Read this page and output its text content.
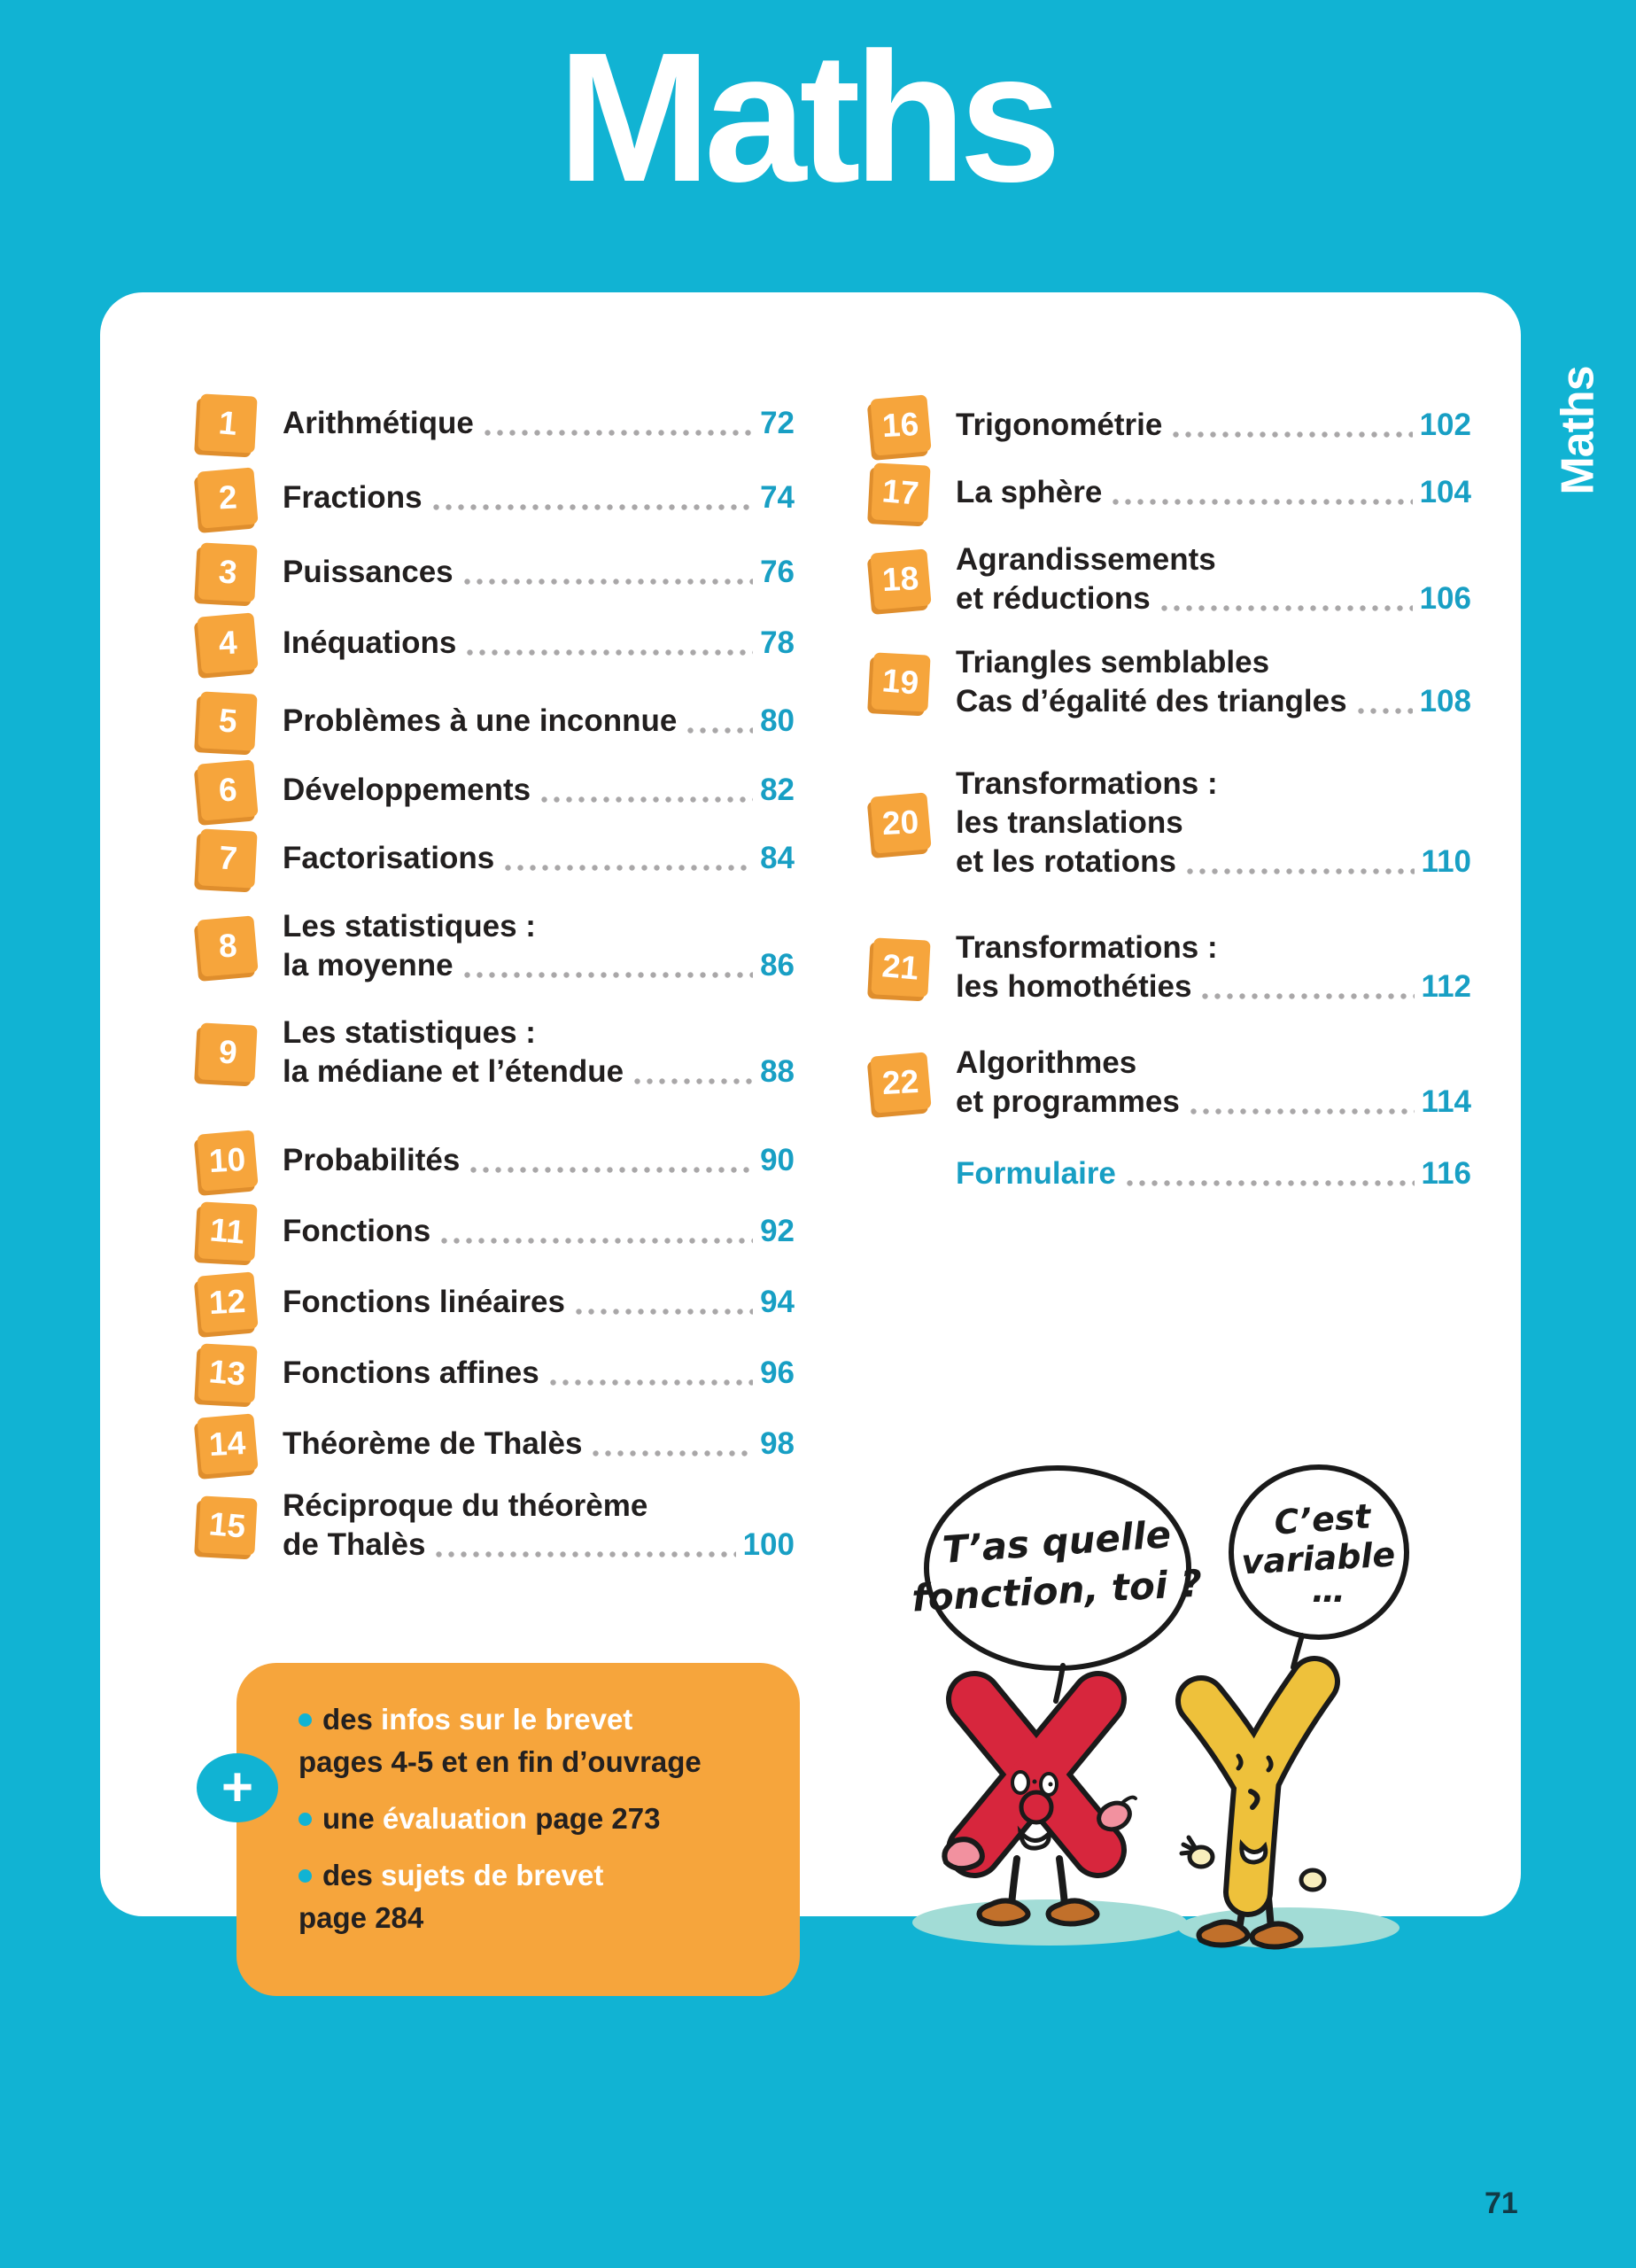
Maths
Maths
1 Arithmétique	72
2 Fractions	74
3 Puissances	76
4 Inéquations	78
5 Problèmes à une inconnue	80
6 Développements	82
7 Factorisations	84
8
Les statistiques :
la moyenne	86
9
Les statistiques :
la médiane et l’étendue	88
10 Probabilités	90
11 Fonctions	92
12 Fonctions linéaires	94
13 Fonctions affines	96
14 Théorème de Thalès	98
15 Réciproque du théorème
de Thalès	100
16 Trigonométrie	102
17 La sphère	104
18
Agrandissements
et réductions	106
19 Triangles semblables
Cas d’égalité des triangles 108
20
Transformations :
les translations
et les rotations	110
21 Transformations :
les homothéties	112
22
Algorithmes
et programmes	114
Formulaire	116
des infos sur le brevet
pages 4-5 et en fin d’ouvrage
une évaluation page 273
des sujets de brevet
page 284
+
T’as quelle
fonction, toi ?
C’est
variable
…
71
